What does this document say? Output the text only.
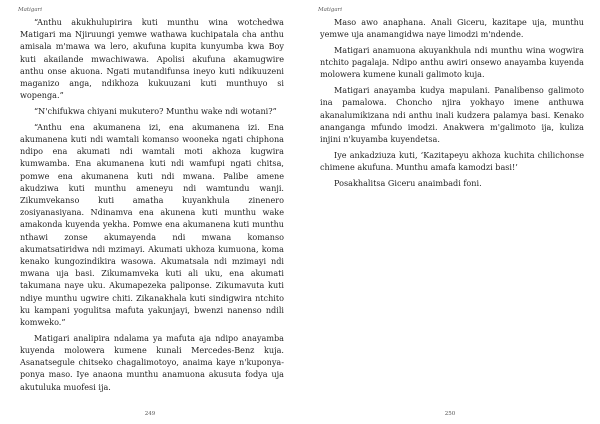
Matigari

“Anthu akukhulupirira kuti munthu wina wotchedwa Matigari ma Njiruungi yemwe wathawa kuchipatala cha anthu amisala m'mawa wa lero, akufuna kupita kunyumba kwa Boy kuti akailande mwachiwawa. Apolisi akufuna akamugwire anthu onse akuona. Ngati mutandifunsa ineyo kuti ndikuuzeni maganizo anga, ndikhoza kukuuzani kuti munthuyo si wopenga.”

“N'chifukwa chiyani mukutero? Munthu wake ndi wotani?”

“Anthu ena akumanena izi, ena akumanena izi. Ena akumanena kuti ndi wamtali komanso wooneka ngati chiphona ndipo ena akumati ndi wamtali moti akhoza kugwira kumwamba. Ena akumanena kuti ndi wamfupi ngati chitsa, pomwe ena akumanena kuti ndi mwana. Palibe amene akudziwa kuti munthu ameneyu ndi wamtundu wanji. Zikumvekanso kuti amatha kuyankhula zinenero zosiyanasiyana. Ndinamva ena akunena kuti munthu wake amakonda kuyenda yekha. Pomwe ena akumanena kuti munthu nthawi zonse akumayenda ndi mwana komanso akumatsatiridwa ndi mzimayi. Akumati ukhoza kumuona, koma kenako kungozindikira wasowa. Akumatsala ndi mzimayi ndi mwana uja basi. Zikumamveka kuti ali uku, ena akumati takumana naye uku. Akumapezeka paliponse. Zikumavuta kuti ndiye munthu ugwire chiti. Zikanakhala kuti sindigwira ntchito ku kampani yogulitsa mafuta yakunjayi, bwenzi nanenso ndili komweko.”

Matigari analipira ndalama ya mafuta aja ndipo anayamba kuyenda molowera kumene kunali Mercedes-Benz kuja. Asanatsegule chitseko chagalimotoyo, anaima kaye n'kuponya-ponya maso. Iye anaona munthu anamuona akusuta fodya uja akutuluka muofesi ija.

249
Matigari

Maso awo anaphana. Anali Giceru, kazitape uja, munthu yemwe uja anamangidwa naye limodzi m'ndende.

Matigari anamuona akuyankhula ndi munthu wina wogwira ntchito pagalaja. Ndipo anthu awiri onsewo anayamba kuyenda molowera kumene kunali galimoto kuja.

Matigari anayamba kudya mapulani. Panalibenso galimoto ina pamalowa. Choncho njira yokhayo imene anthuwa akanalumikizana ndi anthu inali kudzera palamya basi. Kenako ananganga mfundo imodzi. Anakwera m'galimoto ija, kuliza injini n'kuyamba kuyendetsa.

Iye ankadziuza kuti, ‘Kazitapeyu akhoza kuchita chilichonse chimene akufuna. Munthu amafa kamodzi basi!’

Posakhalitsa Giceru anaimbadi foni.

250
